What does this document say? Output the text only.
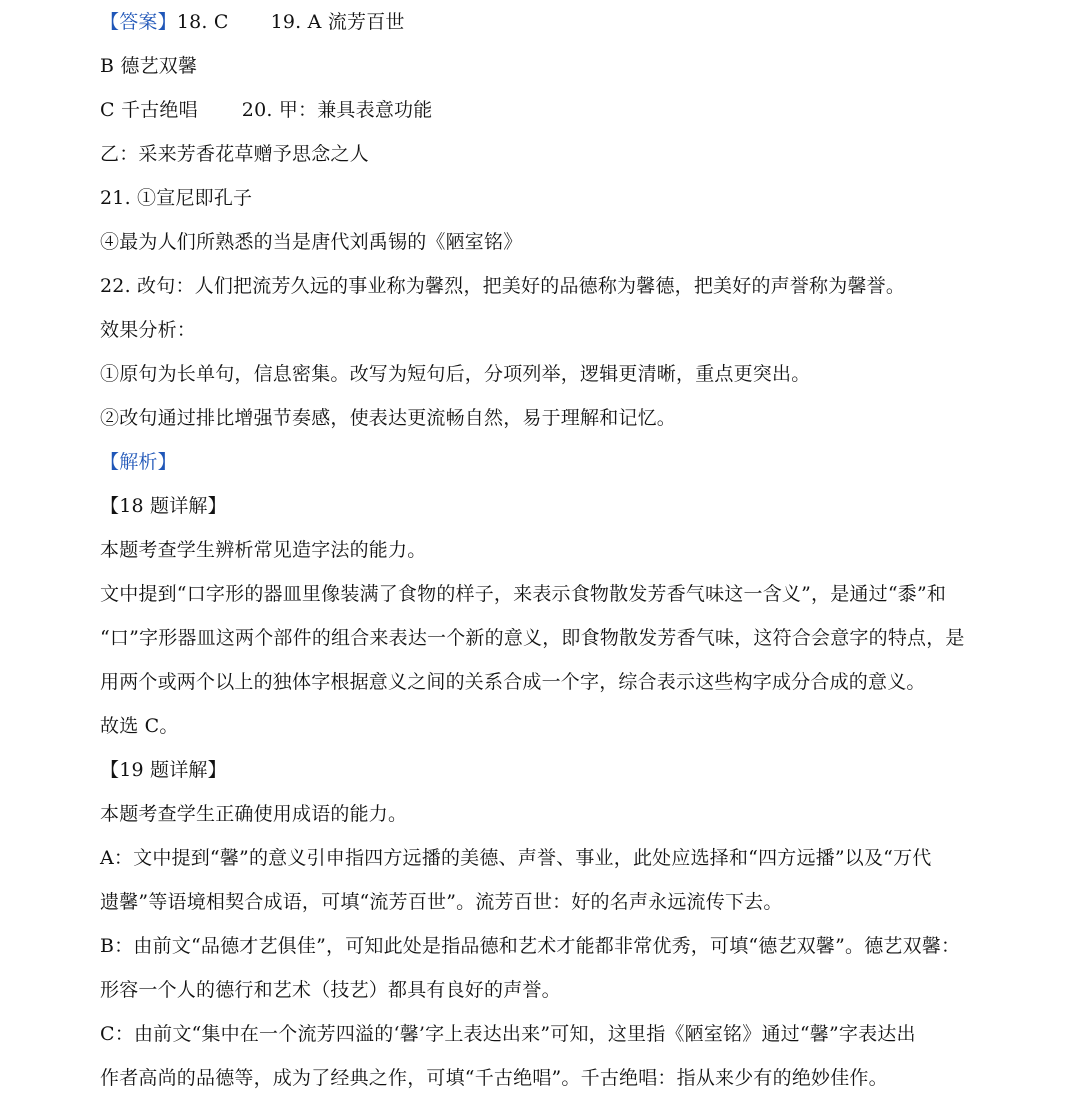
【答案】18. C 19. A 流芳百世
B 德艺双馨
C 千古绝唱 20. 甲：兼具表意功能
乙：采来芳香花草赠予思念之人
21. ①宣尼即孔子
④最为人们所熟悉的当是唐代刘禹锡的《陋室铭》
22. 改句：人们把流芳久远的事业称为馨烈，把美好的品德称为馨德，把美好的声誉称为馨誉。
效果分析：
①原句为长单句，信息密集。改写为短句后，分项列举，逻辑更清晰，重点更突出。
②改句通过排比增强节奏感，使表达更流畅自然，易于理解和记忆。
【解析】
【18 题详解】
本题考查学生辨析常见造字法的能力。
文中提到“口字形的器皿里像装满了食物的样子，来表示食物散发芳香气味这一含义”，是通过“黍”和
“口”字形器皿这两个部件的组合来表达一个新的意义，即食物散发芳香气味，这符合会意字的特点，是
用两个或两个以上的独体字根据意义之间的关系合成一个字，综合表示这些构字成分合成的意义。
故选 C。
【19 题详解】
本题考查学生正确使用成语的能力。
A：文中提到“馨”的意义引申指四方远播的美德、声誉、事业，此处应选择和“四方远播”以及“万代
遗馨”等语境相契合成语，可填“流芳百世”。流芳百世：好的名声永远流传下去。
B：由前文“品德才艺俱佳”，可知此处是指品德和艺术才能都非常优秀，可填“德艺双馨”。德艺双馨：
形容一个人的德行和艺术（技艺）都具有良好的声誉。
C：由前文“集中在一个流芳四溢的‘馨’字上表达出来”可知，这里指《陋室铭》通过“馨”字表达出
作者高尚的品德等，成为了经典之作，可填“千古绝唱”。千古绝唱：指从来少有的绝妙佳作。
